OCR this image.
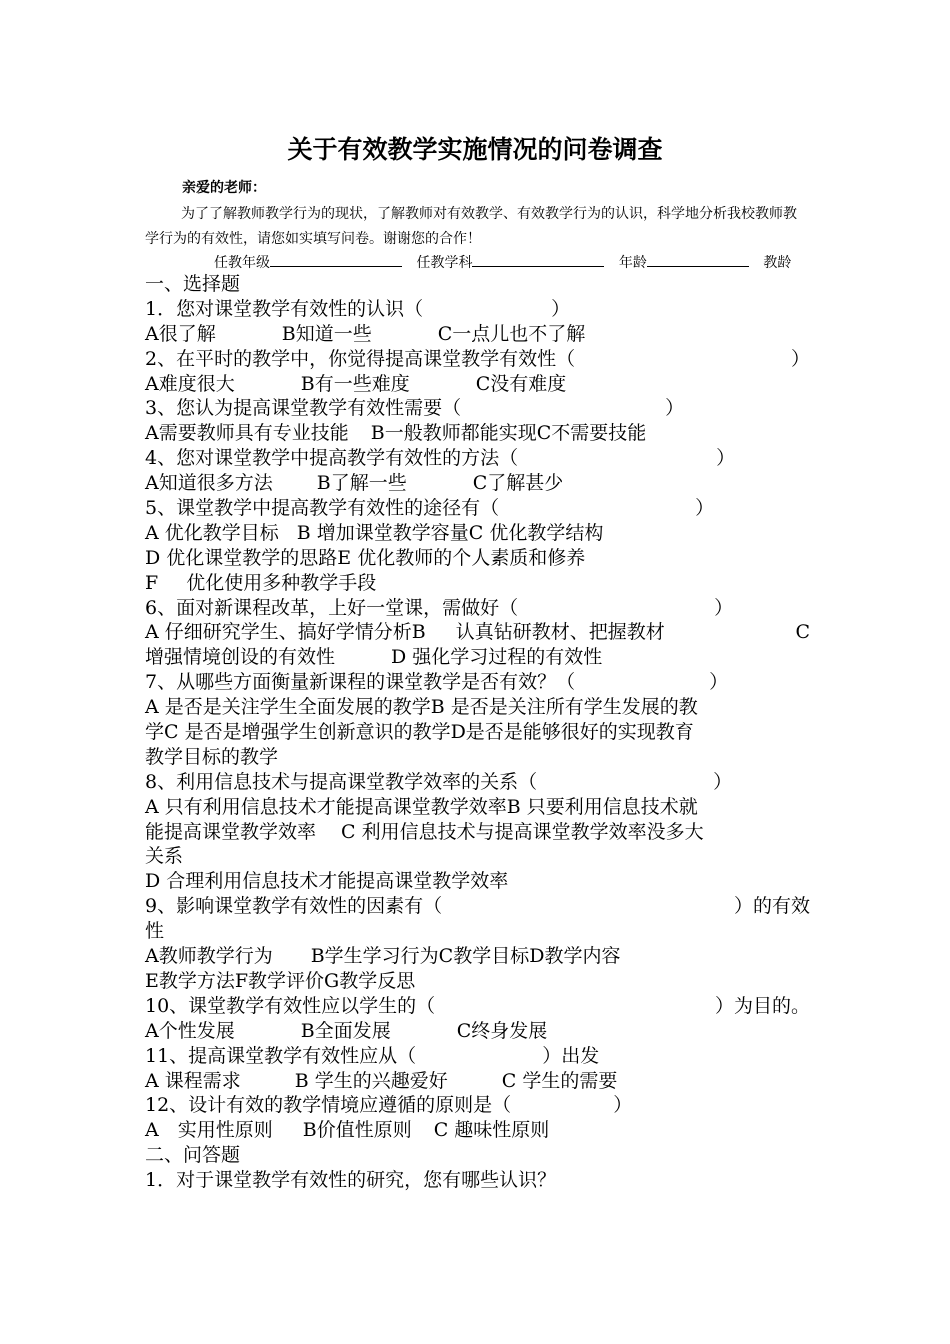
关于有效教学实施情况的问卷调查
亲爱的老师：
为了了解教师教学行为的现状，了解教师对有效教学、有效教学行为的认识，科学地分析我校教师教学行为的有效性，请您如实填写问卷。谢谢您的合作！
任教年级	任教学科	年龄	教龄
一、选择题
1．您对课堂教学有效性的认识（	）
A很了解	B知道一些	C一点儿也不了解
2、在平时的教学中，你觉得提高课堂教学有效性（	）
A难度很大	B有一些难度	C没有难度
3、您认为提高课堂教学有效性需要（	）
A需要教师具有专业技能 B一般教师都能实现C不需要技能
4、您对课堂教学中提高教学有效性的方法（	）
A知道很多方法 B了解一些	C了解甚少
5、课堂教学中提高教学有效性的途径有（	）
A 优化教学目标 B 增加课堂教学容量C 优化教学结构
D 优化课堂教学的思路E 优化教师的个人素质和修养
F 优化使用多种教学手段
6、面对新课程改革，上好一堂课，需做好（	）
A 仔细研究学生、搞好学情分析B 认真钻研教材、把握教材	C
增强情境创设的有效性	D 强化学习过程的有效性
7、从哪些方面衡量新课程的课堂教学是否有效？（	）
A 是否是关注学生全面发展的教学B 是否是关注所有学生发展的教
学C 是否是增强学生创新意识的教学D是否是能够很好的实现教育
教学目标的教学
8、利用信息技术与提高课堂教学效率的关系（	）
A 只有利用信息技术才能提高课堂教学效率B 只要利用信息技术就
能提高课堂教学效率　 C 利用信息技术与提高课堂教学效率没多大
关系
D 合理利用信息技术才能提高课堂教学效率
9、影响课堂教学有效性的因素有（	）的有效
性
A教师教学行为　　B学生学习行为C教学目标D教学内容
E教学方法F教学评价G教学反思
10、课堂教学有效性应以学生的（	）为目的。
A个性发展	B全面发展	C终身发展
11、提高课堂教学有效性应从（	）出发
A 课程需求	B 学生的兴趣爱好	C 学生的需要
12、设计有效的教学情境应遵循的原则是（	）
A　实用性原则 B价值性原则 C 趣味性原则
二、问答题
1．对于课堂教学有效性的研究，您有哪些认识？
